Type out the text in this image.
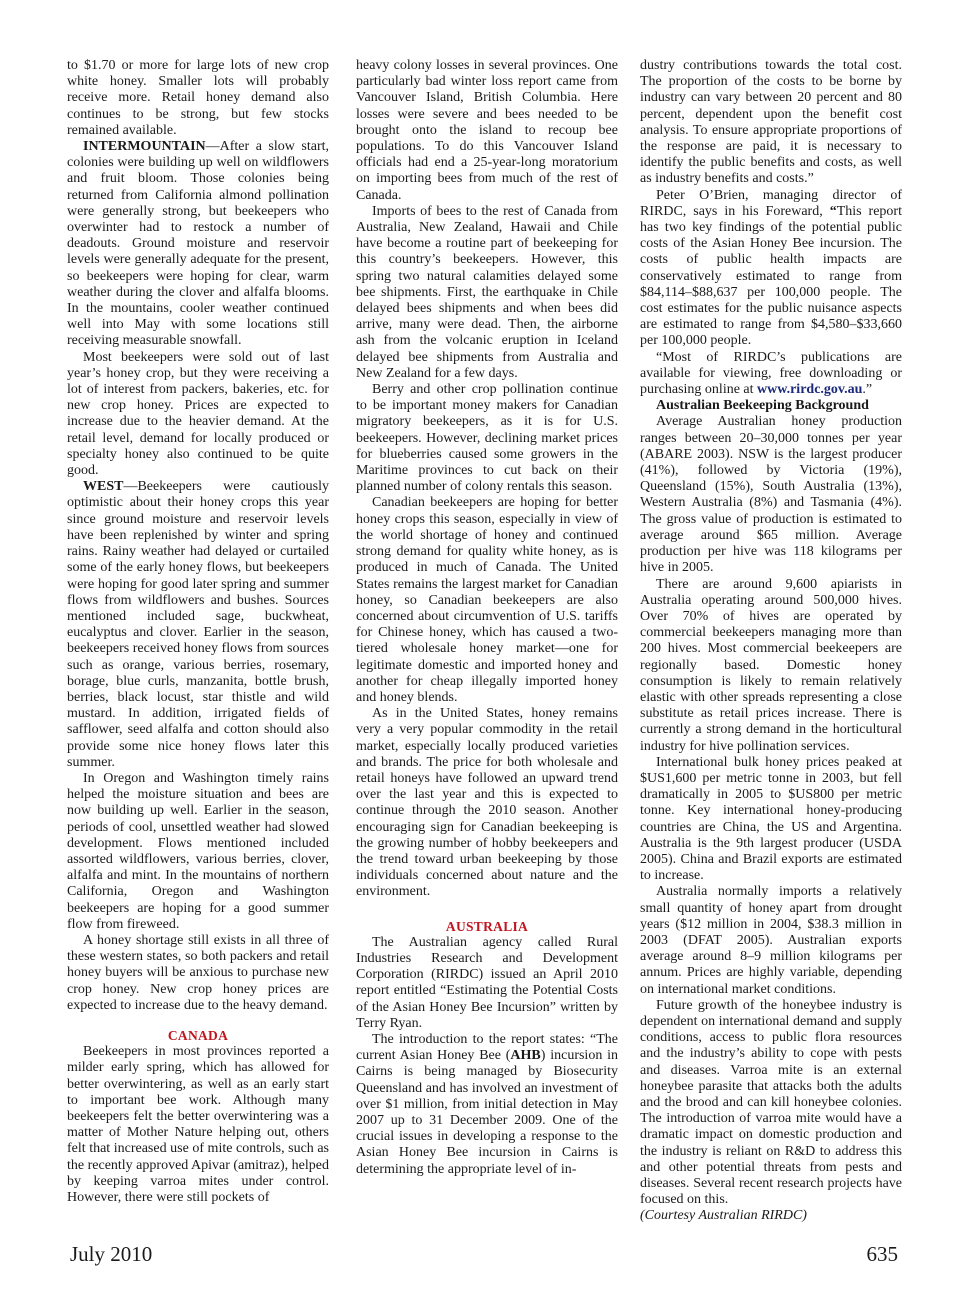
to $1.70 or more for large lots of new crop white honey. Smaller lots will probably receive more. Retail honey demand also continues to be strong, but few stocks remained available.

INTERMOUNTAIN—After a slow start, colonies were building up well on wildflowers and fruit bloom. Those colonies being returned from California almond pollination were generally strong, but beekeepers who overwinter had to restock a number of deadouts. Ground moisture and reservoir levels were generally adequate for the present, so beekeepers were hoping for clear, warm weather during the clover and alfalfa blooms. In the mountains, cooler weather continued well into May with some locations still receiving measurable snowfall.

Most beekeepers were sold out of last year’s honey crop, but they were receiving a lot of interest from packers, bakeries, etc. for new crop honey. Prices are expected to increase due to the heavier demand. At the retail level, demand for locally produced or specialty honey also continued to be quite good.

WEST—Beekeepers were cautiously optimistic about their honey crops this year since ground moisture and reservoir levels have been replenished by winter and spring rains. Rainy weather had delayed or curtailed some of the early honey flows, but beekeepers were hoping for good later spring and summer flows from wildflowers and bushes. Sources mentioned included sage, buckwheat, eucalyptus and clover. Earlier in the season, beekeepers received honey flows from sources such as orange, various berries, rosemary, borage, blue curls, manzanita, bottle brush, berries, black locust, star thistle and wild mustard. In addition, irrigated fields of safflower, seed alfalfa and cotton should also provide some nice honey flows later this summer.

In Oregon and Washington timely rains helped the moisture situation and bees are now building up well. Earlier in the season, periods of cool, unsettled weather had slowed development. Flows mentioned included assorted wildflowers, various berries, clover, alfalfa and mint. In the mountains of northern California, Oregon and Washington beekeepers are hoping for a good summer flow from fireweed.

A honey shortage still exists in all three of these western states, so both packers and retail honey buyers will be anxious to purchase new crop honey. New crop honey prices are expected to increase due to the heavy demand.

CANADA

Beekeepers in most provinces reported a milder early spring, which has allowed for better overwintering, as well as an early start to important bee work. Although many beekeepers felt the better overwintering was a matter of Mother Nature helping out, others felt that increased use of mite controls, such as the recently approved Apivar (amitraz), helped by keeping varroa mites under control. However, there were still pockets of

heavy colony losses in several provinces. One particularly bad winter loss report came from Vancouver Island, British Columbia. Here losses were severe and bees needed to be brought onto the island to recoup bee populations. To do this Vancouver Island officials had end a 25-year-long moratorium on importing bees from much of the rest of Canada.

Imports of bees to the rest of Canada from Australia, New Zealand, Hawaii and Chile have become a routine part of beekeeping for this country’s beekeepers. However, this spring two natural calamities delayed some bee shipments. First, the earthquake in Chile delayed bees shipments and when bees did arrive, many were dead. Then, the airborne ash from the volcanic eruption in Iceland delayed bee shipments from Australia and New Zealand for a few days.

Berry and other crop pollination continue to be important money makers for Canadian migratory beekeepers, as it is for U.S. beekeepers. However, declining market prices for blueberries caused some growers in the Maritime provinces to cut back on their planned number of colony rentals this season.

Canadian beekeepers are hoping for better honey crops this season, especially in view of the world shortage of honey and continued strong demand for quality white honey, as is produced in much of Canada. The United States remains the largest market for Canadian honey, so Canadian beekeepers are also concerned about circumvention of U.S. tariffs for Chinese honey, which has caused a two-tiered wholesale honey market—one for legitimate domestic and imported honey and another for cheap illegally imported honey and honey blends.

As in the United States, honey remains very a very popular commodity in the retail market, especially locally produced varieties and brands. The price for both wholesale and retail honeys have followed an upward trend over the last year and this is expected to continue through the 2010 season. Another encouraging sign for Canadian beekeeping is the growing number of hobby beekeepers and the trend toward urban beekeeping by those individuals concerned about nature and the environment.

AUSTRALIA

The Australian agency called Rural Industries Research and Development Corporation (RIRDC) issued an April 2010 report entitled “Estimating the Potential Costs of the Asian Honey Bee Incursion” written by Terry Ryan.

The introduction to the report states: “The current Asian Honey Bee (AHB) incursion in Cairns is being managed by Biosecurity Queensland and has involved an investment of over $1 million, from initial detection in May 2007 up to 31 December 2009. One of the crucial issues in developing a response to the Asian Honey Bee incursion in Cairns is determining the appropriate level of in-

dustry contributions towards the total cost. The proportion of the costs to be borne by industry can vary between 20 percent and 80 percent, dependent upon the benefit cost analysis. To ensure appropriate proportions of the response are paid, it is necessary to identify the public benefits and costs, as well as industry benefits and costs.”

Peter O’Brien, managing director of RIRDC, says in his Foreward, “This report has two key findings of the potential public costs of the Asian Honey Bee incursion. The costs of public health impacts are conservatively estimated to range from $84,114–$88,637 per 100,000 people. The cost estimates for the public nuisance aspects are estimated to range from $4,580–$33,660 per 100,000 people.

“Most of RIRDC’s publications are available for viewing, free downloading or purchasing online at www.rirdc.gov.au.”

Australian Beekeeping Background

Average Australian honey production ranges between 20–30,000 tonnes per year (ABARE 2003). NSW is the largest producer (41%), followed by Victoria (19%), Queensland (15%), South Australia (13%), Western Australia (8%) and Tasmania (4%). The gross value of production is estimated to average around $65 million. Average production per hive was 118 kilograms per hive in 2005.

There are around 9,600 apiarists in Australia operating around 500,000 hives. Over 70% of hives are operated by commercial beekeepers managing more than 200 hives. Most commercial beekeepers are regionally based. Domestic honey consumption is likely to remain relatively elastic with other spreads representing a close substitute as retail prices increase. There is currently a strong demand in the horticultural industry for hive pollination services.

International bulk honey prices peaked at $US1,600 per metric tonne in 2003, but fell dramatically in 2005 to $US800 per metric tonne. Key international honey-producing countries are China, the US and Argentina. Australia is the 9th largest producer (USDA 2005). China and Brazil exports are estimated to increase.

Australia normally imports a relatively small quantity of honey apart from drought years ($12 million in 2004, $38.3 million in 2003 (DFAT 2005). Australian exports average around 8–9 million kilograms per annum. Prices are highly variable, depending on international market conditions.

Future growth of the honeybee industry is dependent on international demand and supply conditions, access to public flora resources and the industry’s ability to cope with pests and diseases. Varroa mite is an external honeybee parasite that attacks both the adults and the brood and can kill honeybee colonies. The introduction of varroa mite would have a dramatic impact on domestic production and the industry is reliant on R&D to address this and other potential threats from pests and diseases. Several recent research projects have focused on this.
(Courtesy Australian RIRDC)

July 2010	635
